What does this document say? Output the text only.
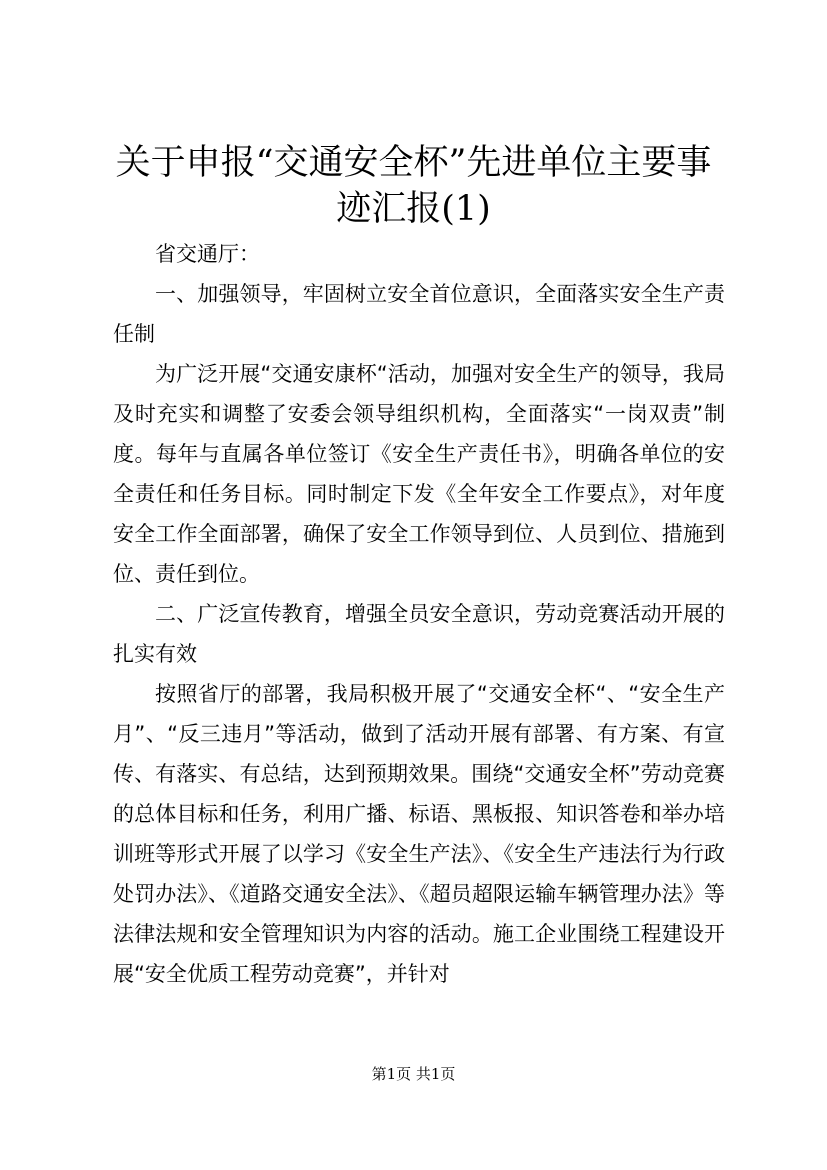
关于申报“交通安全杯”先进单位主要事迹汇报(1)

省交通厅：

一、加强领导，牢固树立安全首位意识，全面落实安全生产责任制

为广泛开展“交通安康杯“活动，加强对安全生产的领导，我局及时充实和调整了安委会领导组织机构，全面落实“一岗双责”制度。每年与直属各单位签订《安全生产责任书》，明确各单位的安全责任和任务目标。同时制定下发《全年安全工作要点》，对年度安全工作全面部署，确保了安全工作领导到位、人员到位、措施到位、责任到位。

二、广泛宣传教育，增强全员安全意识，劳动竞赛活动开展的扎实有效

按照省厅的部署，我局积极开展了“交通安全杯“、“安全生产月”、“反三违月”等活动，做到了活动开展有部署、有方案、有宣传、有落实、有总结，达到预期效果。围绕“交通安全杯”劳动竞赛的总体目标和任务，利用广播、标语、黑板报、知识答卷和举办培训班等形式开展了以学习《安全生产法》、《安全生产违法行为行政处罚办法》、《道路交通安全法》、《超员超限运输车辆管理办法》等法律法规和安全管理知识为内容的活动。施工企业围绕工程建设开展“安全优质工程劳动竞赛”，并针对

第1页 共1页
